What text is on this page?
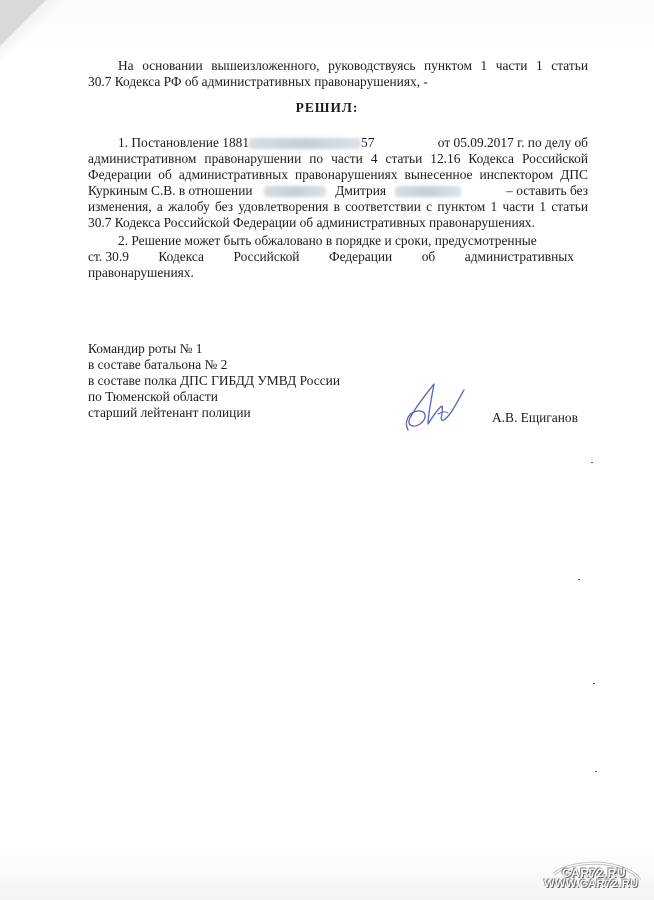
На основании вышеизложенного, руководствуясь пунктом 1 части 1 статьи
30.7 Кодекса РФ об административных правонарушениях, -
РЕШИЛ:
1. Постановление 1881	57	от 05.09.2017 г. по делу об
административном правонарушении по части 4 статьи 12.16 Кодекса Российской
Федерации об административных правонарушениях вынесенное инспектором ДПС
Куркиным С.В. в отношении	Дмитрия	– оставить без
изменения, а жалобу без удовлетворения в соответствии с пунктом 1 части 1 статьи
30.7 Кодекса Российской Федерации об административных правонарушениях.
2. Решение может быть обжаловано в порядке и сроки, предусмотренные
ст. 30.9 Кодекса Российской Федерации об административных
правонарушениях.
Командир роты № 1
в составе батальона № 2
в составе полка ДПС ГИБДД УМВД России
по Тюменской области
старший лейтенант полиции	А.В. Ещиганов
CAR72.RU
WWW.CAR72.RU
